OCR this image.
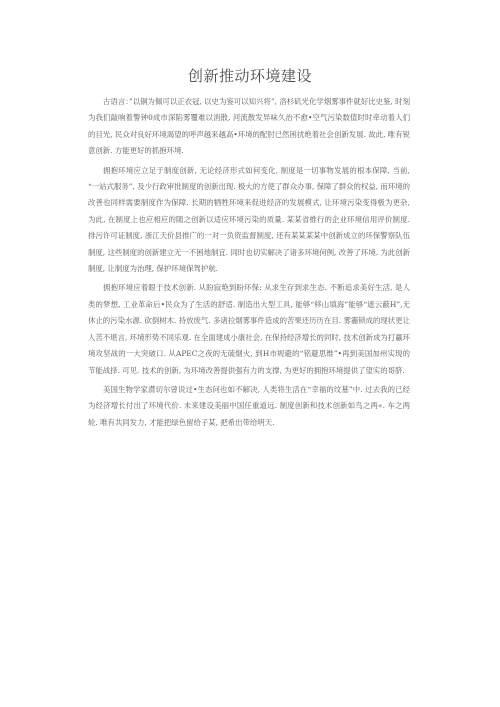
创新推动环境建设

古语言：”以铜为佩可以正衣冠, 以史为鉴可以知兴将”, 洛杉矶光化学烟雾事件就好比史鉴, 时刻为我们敲响着警钟0成市深陷雾覆难以消散, 河流散发异味久治不愈•空气污染数值时时牵动着人们的目光, 民众对良好环境渴望的呼声越来越高•环境的配肘已然困扰绝着社会创新发展. 故此, 唯有锐意创新. 方能更好的抓抱环境.

拥抱环境应立足于制度创新, 无论经济形式如何变化, 制度是一切事物发展的根本保障, 当前, “一站式服务”, 及少行政审批制度的创新出现. 极大的方使了群众办事, 保障了群众的权益, 而环境的改善也同样需要制度作为保障. 长期的牺牲环境来促进经济的发展模式, 让环境污染变得极为更杂, 为此, 在制度上也应相应的随之创新以适应环境污染的质量. 某某省推行的企业环境信用评价制度. 排污许可证制度, 浙江天价县推广的一对一负资监督制度, 还有某某某某中创新成立的环保警察队伍制度, 这些制度的创新建立无一不困地制宜. 同时也切实解决了诸多环境何例, 改善了环境. 为此创新制度, 让制度为治理, 保护环境保驾护航.

拥抱环境应着眼于技术创新. 从盼寂艳到盼环保: 从求生存到求生态. 不断追求美好生活, 是人类的梦想, 工业革命后•民众为了生活的舒适. 制造出大型工具, 能够“移山填海”能够“遮云蔽H”,无休止的污染水源. 砍倒树木. 持放废气. 多诸拉烟雾事件造成的苦果还历历在目. 雾霾锁成的现状更让人苦不堪言, 环境形势不同乐观. 在全面建成小康社会, 在保持经济增长的同时, 技术创新成为打赢环境攻坚战的一大突破口. 从APEC之夜的无硫烟火, 到H市规避的“铭避思维”•再到美国加州实现的节能战择. 可见. 技术的创新, 为环境改善提供强有力的支撑, 为更好的拥抱环境提供了望实的哥脐.

美国生物学家潸切尔曾说过•生态问也如不解决, 人类将生活在“幸福的纹墓”中. 过去我的已经为经济增长付出了环境代价. 未来建设美丽中国任重道远. 制度创新和技术创新如鸟之两«. 车之两轮. 唯有共同发力, 才能把绿色留给子某, 把希出带给明天.
